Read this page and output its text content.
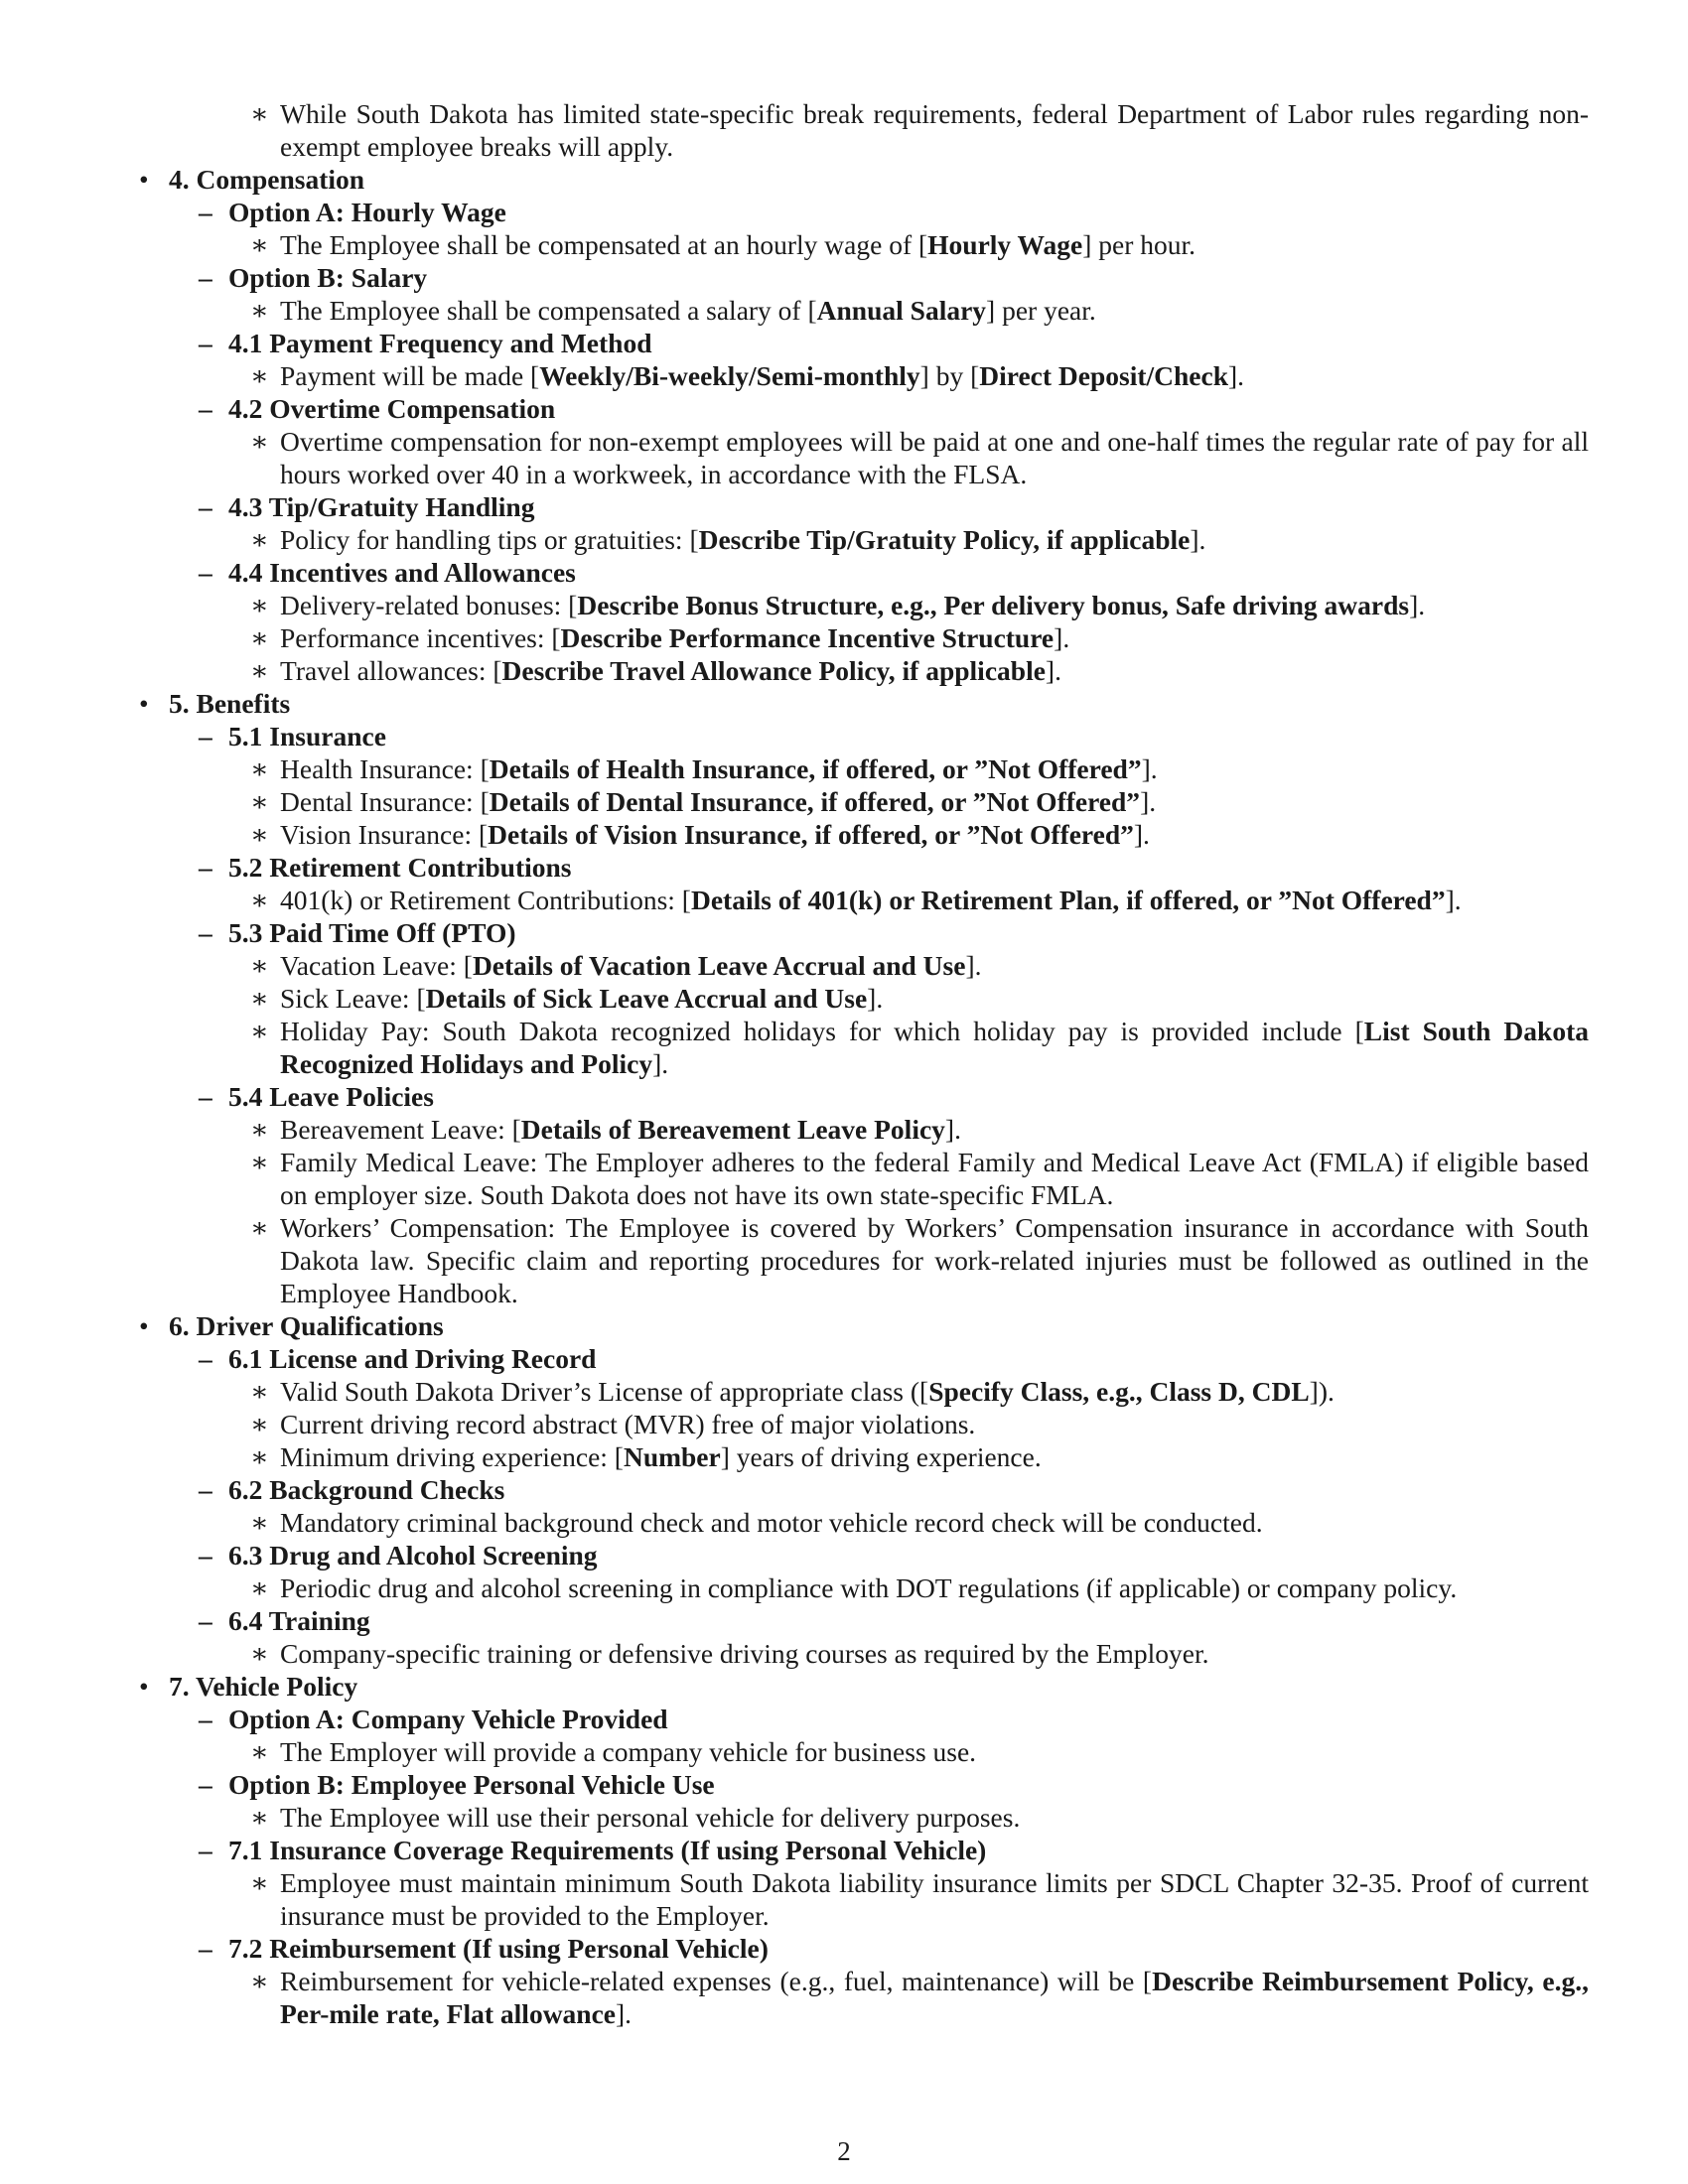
∗ While South Dakota has limited state-specific break requirements, federal Department of Labor rules regarding non-exempt employee breaks will apply.
• 4. Compensation
– Option A: Hourly Wage
∗ The Employee shall be compensated at an hourly wage of [Hourly Wage] per hour.
– Option B: Salary
∗ The Employee shall be compensated a salary of [Annual Salary] per year.
– 4.1 Payment Frequency and Method
∗ Payment will be made [Weekly/Bi-weekly/Semi-monthly] by [Direct Deposit/Check].
– 4.2 Overtime Compensation
∗ Overtime compensation for non-exempt employees will be paid at one and one-half times the regular rate of pay for all hours worked over 40 in a workweek, in accordance with the FLSA.
– 4.3 Tip/Gratuity Handling
∗ Policy for handling tips or gratuities: [Describe Tip/Gratuity Policy, if applicable].
– 4.4 Incentives and Allowances
∗ Delivery-related bonuses: [Describe Bonus Structure, e.g., Per delivery bonus, Safe driving awards].
∗ Performance incentives: [Describe Performance Incentive Structure].
∗ Travel allowances: [Describe Travel Allowance Policy, if applicable].
• 5. Benefits
– 5.1 Insurance
∗ Health Insurance: [Details of Health Insurance, if offered, or ”Not Offered”].
∗ Dental Insurance: [Details of Dental Insurance, if offered, or ”Not Offered”].
∗ Vision Insurance: [Details of Vision Insurance, if offered, or ”Not Offered”].
– 5.2 Retirement Contributions
∗ 401(k) or Retirement Contributions: [Details of 401(k) or Retirement Plan, if offered, or ”Not Offered”].
– 5.3 Paid Time Off (PTO)
∗ Vacation Leave: [Details of Vacation Leave Accrual and Use].
∗ Sick Leave: [Details of Sick Leave Accrual and Use].
∗ Holiday Pay: South Dakota recognized holidays for which holiday pay is provided include [List South Dakota Recognized Holidays and Policy].
– 5.4 Leave Policies
∗ Bereavement Leave: [Details of Bereavement Leave Policy].
∗ Family Medical Leave: The Employer adheres to the federal Family and Medical Leave Act (FMLA) if eligible based on employer size. South Dakota does not have its own state-specific FMLA.
∗ Workers’ Compensation: The Employee is covered by Workers’ Compensation insurance in accordance with South Dakota law. Specific claim and reporting procedures for work-related injuries must be followed as outlined in the Employee Handbook.
• 6. Driver Qualifications
– 6.1 License and Driving Record
∗ Valid South Dakota Driver’s License of appropriate class ([Specify Class, e.g., Class D, CDL]).
∗ Current driving record abstract (MVR) free of major violations.
∗ Minimum driving experience: [Number] years of driving experience.
– 6.2 Background Checks
∗ Mandatory criminal background check and motor vehicle record check will be conducted.
– 6.3 Drug and Alcohol Screening
∗ Periodic drug and alcohol screening in compliance with DOT regulations (if applicable) or company policy.
– 6.4 Training
∗ Company-specific training or defensive driving courses as required by the Employer.
• 7. Vehicle Policy
– Option A: Company Vehicle Provided
∗ The Employer will provide a company vehicle for business use.
– Option B: Employee Personal Vehicle Use
∗ The Employee will use their personal vehicle for delivery purposes.
– 7.1 Insurance Coverage Requirements (If using Personal Vehicle)
∗ Employee must maintain minimum South Dakota liability insurance limits per SDCL Chapter 32-35. Proof of current insurance must be provided to the Employer.
– 7.2 Reimbursement (If using Personal Vehicle)
∗ Reimbursement for vehicle-related expenses (e.g., fuel, maintenance) will be [Describe Reimbursement Policy, e.g., Per-mile rate, Flat allowance].
2
